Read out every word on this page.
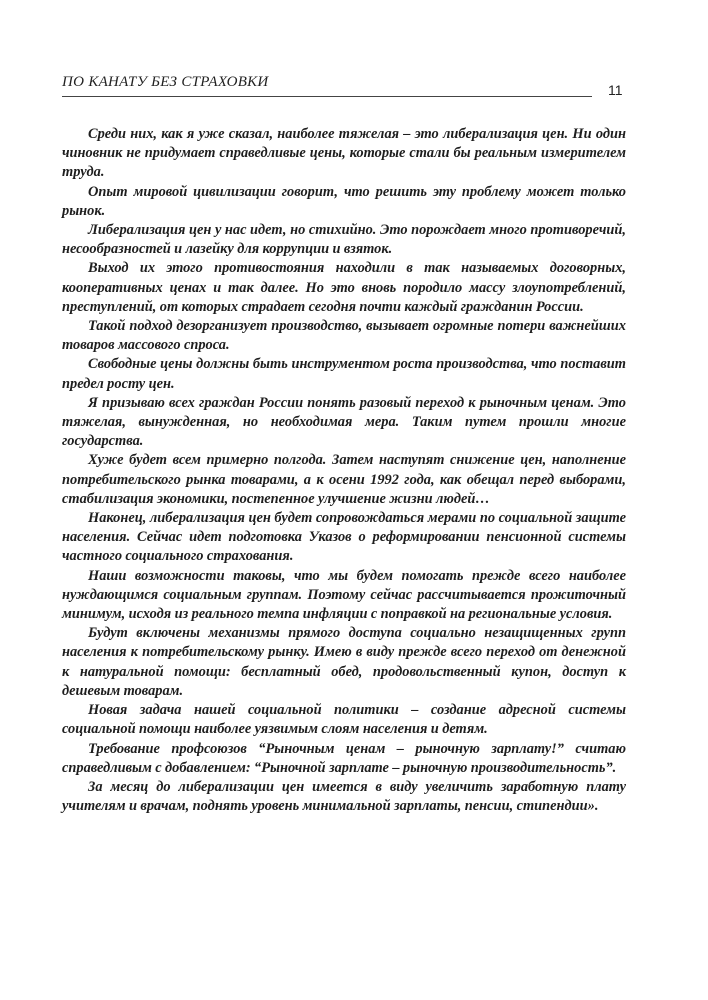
ПО КАНАТУ БЕЗ СТРАХОВКИ	11

Среди них, как я уже сказал, наиболее тяжелая – это либерализация цен. Ни один чиновник не придумает справедливые цены, которые стали бы реальным измерителем труда.

Опыт мировой цивилизации говорит, что решить эту проблему может только рынок.

Либерализация цен у нас идет, но стихийно. Это порождает много противоречий, несообразностей и лазейку для коррупции и взяток.

Выход их этого противостояния находили в так называемых договорных, кооперативных ценах и так далее. Но это вновь породило массу злоупотреблений, преступлений, от которых страдает сегодня почти каждый гражданин России.

Такой подход дезорганизует производство, вызывает огромные потери важнейших товаров массового спроса.

Свободные цены должны быть инструментом роста производства, что поставит предел росту цен.

Я призываю всех граждан России понять разовый переход к рыночным ценам. Это тяжелая, вынужденная, но необходимая мера. Таким путем прошли многие государства.

Хуже будет всем примерно полгода. Затем наступят снижение цен, наполнение потребительского рынка товарами, а к осени 1992 года, как обещал перед выборами, стабилизация экономики, постепенное улучшение жизни людей…

Наконец, либерализация цен будет сопровождаться мерами по социальной защите населения. Сейчас идет подготовка Указов о реформировании пенсионной системы частного социального страхования.

Наши возможности таковы, что мы будем помогать прежде всего наиболее нуждающимся социальным группам. Поэтому сейчас рассчитывается прожиточный минимум, исходя из реального темпа инфляции с поправкой на региональные условия.

Будут включены механизмы прямого доступа социально незащищенных групп населения к потребительскому рынку. Имею в виду прежде всего переход от денежной к натуральной помощи: бесплатный обед, продовольственный купон, доступ к дешевым товарам.

Новая задача нашей социальной политики – создание адресной системы социальной помощи наиболее уязвимым слоям населения и детям.

Требование профсоюзов “Рыночным ценам – рыночную зарплату!” считаю справедливым с добавлением: “Рыночной зарплате – рыночную производительность”.

За месяц до либерализации цен имеется в виду увеличить заработную плату учителям и врачам, поднять уровень минимальной зарплаты, пенсии, стипендии».
